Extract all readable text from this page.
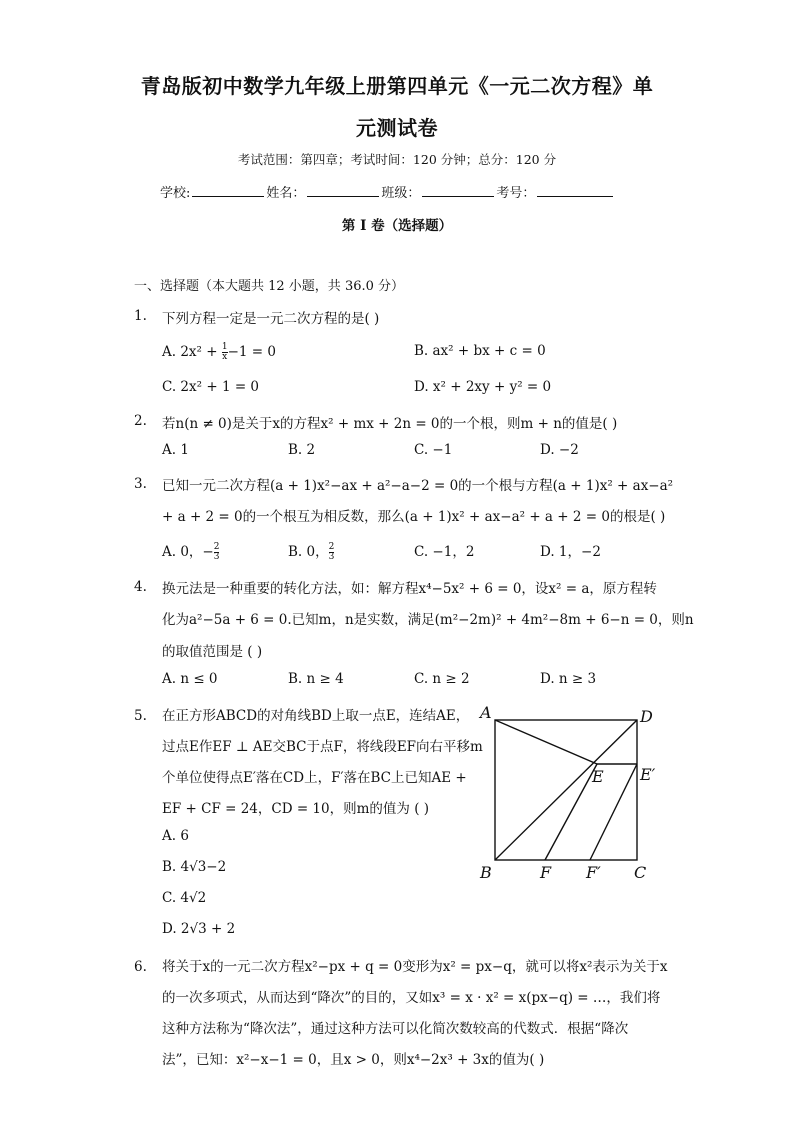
青岛版初中数学九年级上册第四单元《一元二次方程》单
元测试卷
考试范围：第四章；考试时间：120 分钟；总分：120 分
学校:	姓名：	班级：	考号：
第 I 卷（选择题）
一、选择题（本大题共 12 小题，共 36.0 分）
1. 下列方程一定是一元二次方程的是( )
A. $2x^2 + \frac{1}{x} -1 = 0$	B. ax² + bx + c = 0
C. 2x² + 1 = 0	D. x² + 2xy + y² = 0
2. 若n(n ≠ 0)是关于x的方程x² + mx + 2n = 0的一个根，则m + n的值是( )
A. 1	B. 2	C. −1	D. −2
3. 已知一元二次方程(a + 1)x²−ax + a²−a−2 = 0的一个根与方程(a + 1)x² + ax−a²
+ a + 2 = 0的一个根互为相反数，那么(a + 1)x² + ax−a² + a + 2 = 0的根是( )
A. 0，− $\frac{2}{3}$	B. 0， $\frac{2}{3}$	C. −1，2	D. 1，−2
4. 换元法是一种重要的转化方法，如：解方程x⁴−5x² + 6 = 0，设x² = a，原方程转
化为a²−5a + 6 = 0.已知m，n是实数，满足(m²−2m)² + 4m²−8m + 6−n = 0，则n
的取值范围是 ( )
A. n ≤ 0	B. n ≥ 4	C. n ≥ 2	D. n ≥ 3
5. 在正方形ABCD的对角线BD上取一点E，连结AE，
过点E作EF ⊥ AE交BC于点F，将线段EF向右平移m
个单位使得点E′落在CD上，F′落在BC上已知AE +
EF + CF = 24，CD = 10，则m的值为 ( )
A. 6
B. 4√3−2
C. 4√2
D. 2√3 + 2
A	D
E E′
B	F F′ C
6. 将关于x的一元二次方程x²−px + q = 0变形为x² = px−q，就可以将x²表示为关于x
的一次多项式，从而达到“降次”的目的，又如x³ = x · x² = x(px−q) = …，我们将
这种方法称为“降次法”，通过这种方法可以化简次数较高的代数式．根据“降次
法”，已知：x²−x−1 = 0，且x > 0，则x⁴−2x³ + 3x的值为( )
